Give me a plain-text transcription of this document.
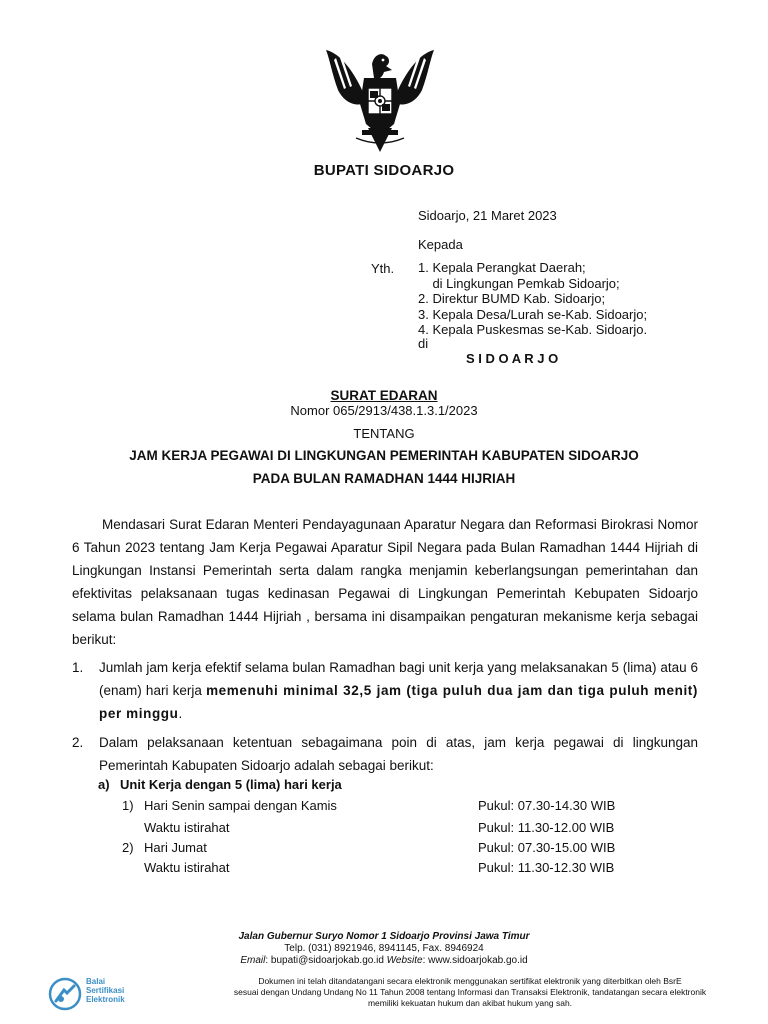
BUPATI SIDOARJO
Sidoarjo, 21 Maret 2023
Kepada
Yth. 1. Kepala Perangkat Daerah;
di Lingkungan Pemkab Sidoarjo;
2. Direktur BUMD Kab. Sidoarjo;
3. Kepala Desa/Lurah se-Kab. Sidoarjo;
4. Kepala Puskesmas se-Kab. Sidoarjo.
di
S I D O A R J O
SURAT EDARAN
Nomor 065/2913/438.1.3.1/2023
TENTANG
JAM KERJA PEGAWAI DI LINGKUNGAN PEMERINTAH KABUPATEN SIDOARJO
PADA BULAN RAMADHAN 1444 HIJRIAH
Mendasari Surat Edaran Menteri Pendayagunaan Aparatur Negara dan Reformasi Birokrasi Nomor 6 Tahun 2023 tentang Jam Kerja Pegawai Aparatur Sipil Negara pada Bulan Ramadhan 1444 Hijriah di Lingkungan Instansi Pemerintah serta dalam rangka menjamin keberlangsungan pemerintahan dan efektivitas pelaksanaan tugas kedinasan Pegawai di Lingkungan Pemerintah Kebupaten Sidoarjo selama bulan Ramadhan 1444 Hijriah , bersama ini disampaikan pengaturan mekanisme kerja sebagai berikut:
1. Jumlah jam kerja efektif selama bulan Ramadhan bagi unit kerja yang melaksanakan 5 (lima) atau 6 (enam) hari kerja memenuhi minimal 32,5 jam (tiga puluh dua jam dan tiga puluh menit) per minggu.
2. Dalam pelaksanaan ketentuan sebagaimana poin di atas, jam kerja pegawai di lingkungan Pemerintah Kabupaten Sidoarjo adalah sebagai berikut:
a) Unit Kerja dengan 5 (lima) hari kerja
1) Hari Senin sampai dengan Kamis	Pukul: 07.30-14.30 WIB
Waktu istirahat	Pukul: 11.30-12.00 WIB
2) Hari Jumat	Pukul: 07.30-15.00 WIB
Waktu istirahat	Pukul: 11.30-12.30 WIB
Jalan Gubernur Suryo Nomor 1 Sidoarjo Provinsi Jawa Timur
Telp. (031) 8921946, 8941145, Fax. 8946924
Email: bupati@sidoarjokab.go.id Website: www.sidoarjokab.go.id
Balai
Sertifikasi
Elektronik
Dokumen ini telah ditandatangani secara elektronik menggunakan sertifikat elektronik yang diterbitkan oleh BsrE
sesuai dengan Undang Undang No 11 Tahun 2008 tentang Informasi dan Transaksi Elektronik, tandatangan secara elektronik
memiliki kekuatan hukum dan akibat hukum yang sah.
